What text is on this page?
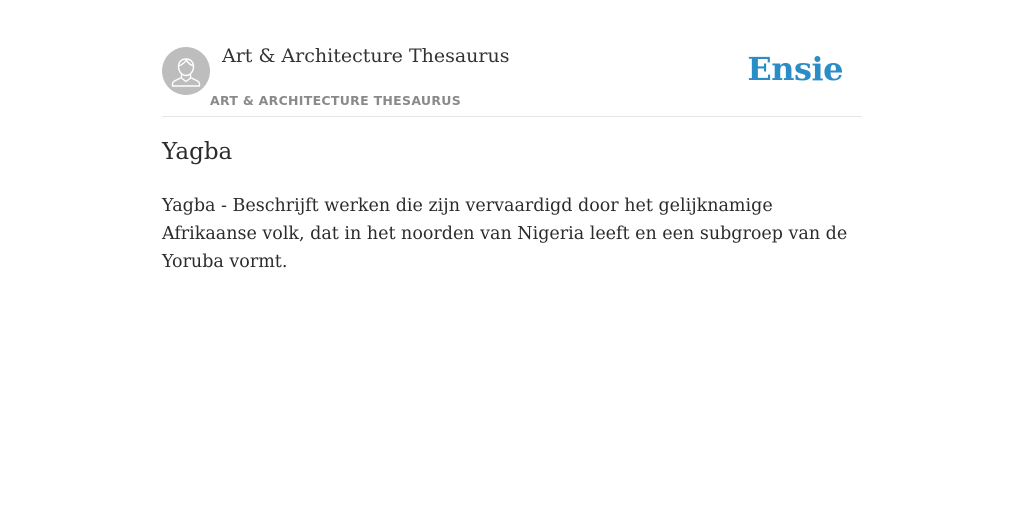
Art & Architecture Thesaurus
ART & ARCHITECTURE THESAURUS
Ensie
Yagba

Yagba - Beschrijft werken die zijn vervaardigd door het gelijknamige Afrikaanse volk, dat in het noorden van Nigeria leeft en een subgroep van de Yoruba vormt.
